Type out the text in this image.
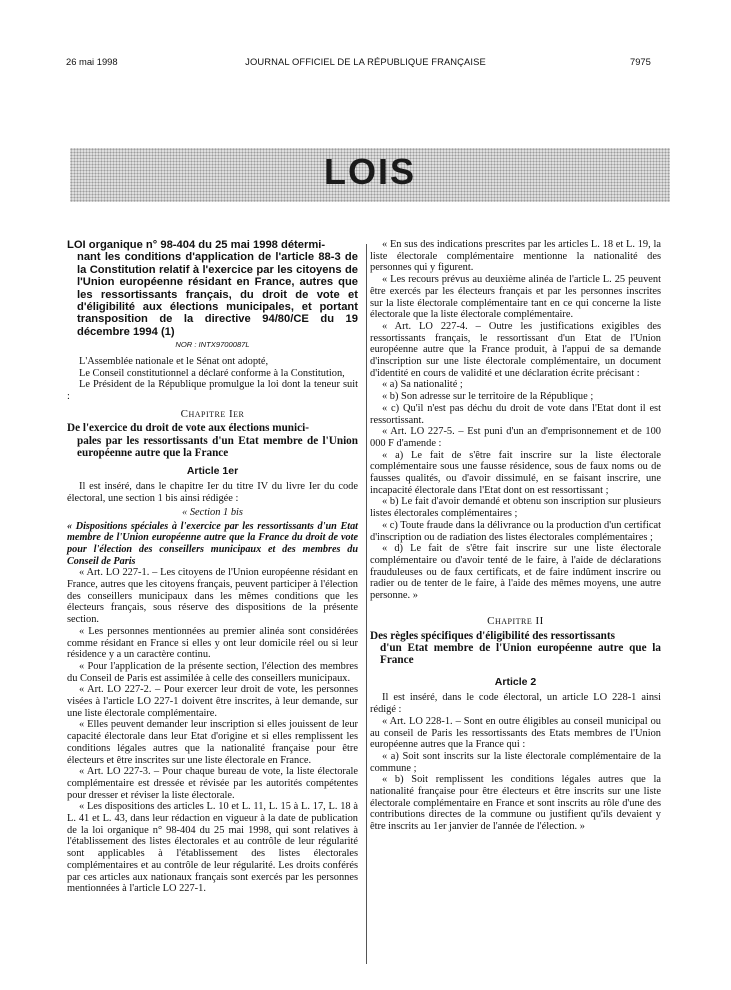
26 mai 1998	JOURNAL OFFICIEL DE LA RÉPUBLIQUE FRANÇAISE	7975
LOIS
LOI organique n° 98-404 du 25 mai 1998 détermi-
nant les conditions d'application de l'article 88-3 de la Constitution relatif à l'exercice par les citoyens de l'Union européenne résidant en France, autres que les ressortissants français, du droit de vote et d'éligibilité aux élections municipales, et portant transposition de la directive 94/80/CE du 19 décembre 1994 (1)
NOR : INTX9700087L

L'Assemblée nationale et le Sénat ont adopté,

Le Conseil constitutionnel a déclaré conforme à la Constitution,

Le Président de la République promulgue la loi dont la teneur suit :

Chapitre Ier
De l'exercice du droit de vote aux élections munici-
pales par les ressortissants d'un Etat membre de l'Union européenne autre que la France
Article 1er

Il est inséré, dans le chapitre Ier du titre IV du livre Ier du code électoral, une section 1 bis ainsi rédigée :

« Section 1 bis

« Dispositions spéciales à l'exercice par les ressortissants d'un Etat membre de l'Union européenne autre que la France du droit de vote pour l'élection des conseillers municipaux et des membres du Conseil de Paris

« Art. LO 227-1. – Les citoyens de l'Union européenne résidant en France, autres que les citoyens français, peuvent participer à l'élection des conseillers municipaux dans les mêmes conditions que les électeurs français, sous réserve des dispositions de la présente section.

« Les personnes mentionnées au premier alinéa sont considérées comme résidant en France si elles y ont leur domicile réel ou si leur résidence y a un caractère continu.

« Pour l'application de la présente section, l'élection des membres du Conseil de Paris est assimilée à celle des conseillers municipaux.

« Art. LO 227-2. – Pour exercer leur droit de vote, les personnes visées à l'article LO 227-1 doivent être inscrites, à leur demande, sur une liste électorale complémentaire.

« Elles peuvent demander leur inscription si elles jouissent de leur capacité électorale dans leur Etat d'origine et si elles remplissent les conditions légales autres que la nationalité française pour être électeurs et être inscrites sur une liste électorale en France.

« Art. LO 227-3. – Pour chaque bureau de vote, la liste électorale complémentaire est dressée et révisée par les autorités compétentes pour dresser et réviser la liste électorale.

« Les dispositions des articles L. 10 et L. 11, L. 15 à L. 17, L. 18 à L. 41 et L. 43, dans leur rédaction en vigueur à la date de publication de la loi organique n° 98-404 du 25 mai 1998, qui sont relatives à l'établissement des listes électorales et au contrôle de leur régularité sont applicables à l'établissement des listes électorales complémentaires et au contrôle de leur régularité. Les droits conférés par ces articles aux nationaux français sont exercés par les personnes mentionnées à l'article LO 227-1.

« En sus des indications prescrites par les articles L. 18 et L. 19, la liste électorale complémentaire mentionne la nationalité des personnes qui y figurent.

« Les recours prévus au deuxième alinéa de l'article L. 25 peuvent être exercés par les électeurs français et par les personnes inscrites sur la liste électorale complémentaire tant en ce qui concerne la liste électorale que la liste électorale complémentaire.

« Art. LO 227-4. – Outre les justifications exigibles des ressortissants français, le ressortissant d'un Etat de l'Union européenne autre que la France produit, à l'appui de sa demande d'inscription sur une liste électorale complémentaire, un document d'identité en cours de validité et une déclaration écrite précisant :

« a) Sa nationalité ;

« b) Son adresse sur le territoire de la République ;

« c) Qu'il n'est pas déchu du droit de vote dans l'Etat dont il est ressortissant.

« Art. LO 227-5. – Est puni d'un an d'emprisonnement et de 100 000 F d'amende :

« a) Le fait de s'être fait inscrire sur la liste électorale complémentaire sous une fausse résidence, sous de faux noms ou de fausses qualités, ou d'avoir dissimulé, en se faisant inscrire, une incapacité électorale dans l'Etat dont on est ressortissant ;

« b) Le fait d'avoir demandé et obtenu son inscription sur plusieurs listes électorales complémentaires ;

« c) Toute fraude dans la délivrance ou la production d'un certificat d'inscription ou de radiation des listes électorales complémentaires ;

« d) Le fait de s'être fait inscrire sur une liste électorale complémentaire ou d'avoir tenté de le faire, à l'aide de déclarations frauduleuses ou de faux certificats, et de faire indûment inscrire ou radier ou de tenter de le faire, à l'aide des mêmes moyens, une autre personne. »

Chapitre II
Des règles spécifiques d'éligibilité des ressortissants
d'un Etat membre de l'Union européenne autre que la France
Article 2

Il est inséré, dans le code électoral, un article LO 228-1 ainsi rédigé :

« Art. LO 228-1. – Sont en outre éligibles au conseil municipal ou au conseil de Paris les ressortissants des Etats membres de l'Union européenne autres que la France qui :

« a) Soit sont inscrits sur la liste électorale complémentaire de la commune ;

« b) Soit remplissent les conditions légales autres que la nationalité française pour être électeurs et être inscrits sur une liste électorale complémentaire en France et sont inscrits au rôle d'une des contributions directes de la commune ou justifient qu'ils devaient y être inscrits au 1er janvier de l'année de l'élection. »
